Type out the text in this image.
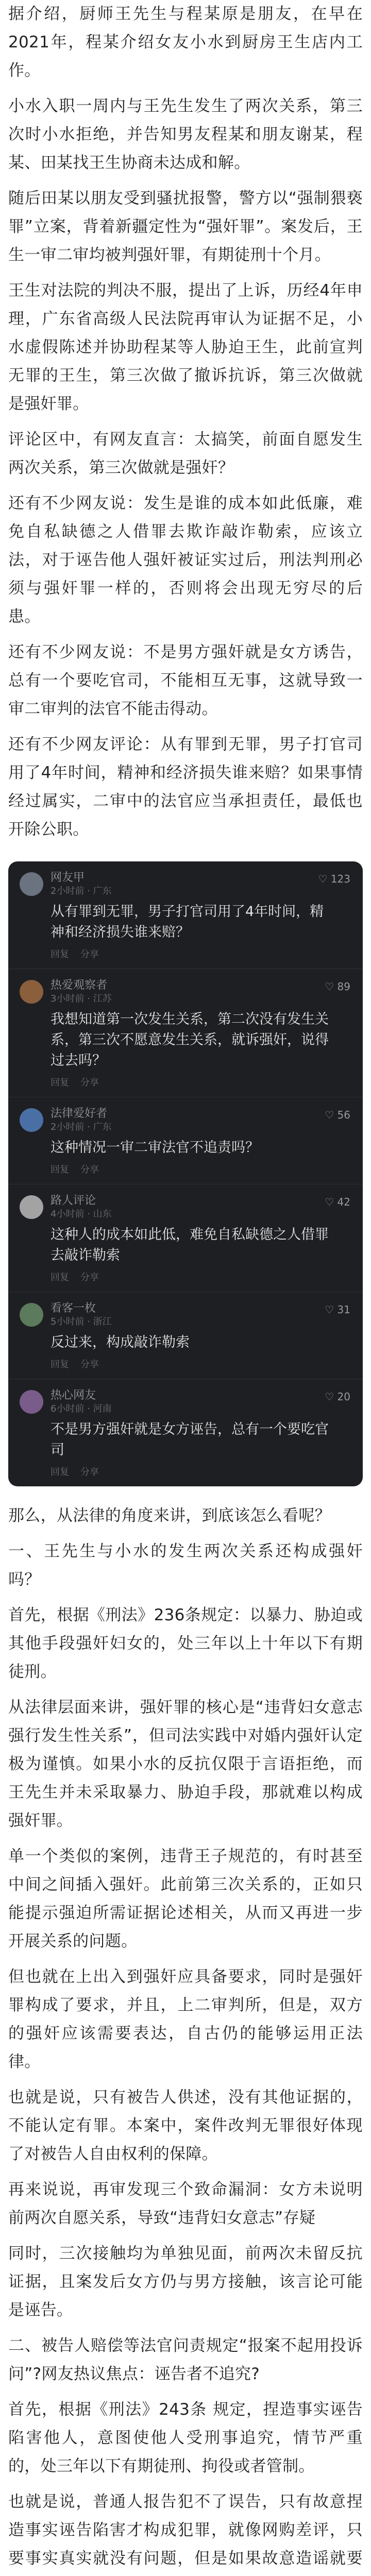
据介绍，厨师王先生与程某原是朋友，在早在2021年，程某介绍女友小水到厨房王生店内工作。

小水入职一周内与王先生发生了两次关系，第三次时小水拒绝，并告知男友程某和朋友谢某，程某、田某找王生协商未达成和解。

随后田某以朋友受到骚扰报警，警方以“强制猥亵罪”立案，背着新疆定性为“强奸罪”。案发后，王生一审二审均被判强奸罪，有期徒刑十个月。

王生对法院的判决不服，提出了上诉，历经4年申理，广东省高级人民法院再审认为证据不足，小水虚假陈述并协助程某等人胁迫王生，此前宣判无罪的王生，第三次做了撤诉抗诉，第三次做就是强奸罪。

评论区中，有网友直言：太搞笑，前面自愿发生两次关系，第三次做就是强奸？

还有不少网友说：发生是谁的成本如此低廉，难免自私缺德之人借罪去欺诈敲诈勒索，应该立法，对于诬告他人强奸被证实过后，刑法判刑必须与强奸罪一样的，否则将会出现无穷尽的后患。

还有不少网友说：不是男方强奸就是女方诱告，总有一个要吃官司，不能相互无事，这就导致一审二审判的法官不能击得动。

还有不少网友评论：从有罪到无罪，男子打官司用了4年时间，精神和经济损失谁来赔？如果事情经过属实，二审中的法官应当承担责任，最低也开除公职。

网友甲
2小时前 · 广东
♡ 123
从有罪到无罪，男子打官司用了4年时间，精神和经济损失谁来赔？
回复 分享
热爱观察者
3小时前 · 江苏
♡ 89
我想知道第一次发生关系，第二次没有发生关系，第三次不愿意发生关系，就诉强奸，说得过去吗？
回复 分享
法律爱好者
2小时前 · 广东
♡ 56
这种情况一审二审法官不追责吗？
回复 分享
路人评论
4小时前 · 山东
♡ 42
这种人的成本如此低，难免自私缺德之人借罪去敲诈勒索
回复 分享
看客一枚
5小时前 · 浙江
♡ 31
反过来，构成敲诈勒索
回复 分享
热心网友
6小时前 · 河南
♡ 20
不是男方强奸就是女方诬告，总有一个要吃官司
回复 分享

那么，从法律的角度来讲，到底该怎么看呢？

一、王先生与小水的发生两次关系还构成强奸吗？

首先，根据《刑法》236条规定：以暴力、胁迫或其他手段强奸妇女的，处三年以上十年以下有期徒刑。

从法律层面来讲，强奸罪的核心是“违背妇女意志强行发生性关系”，但司法实践中对婚内强奸认定极为谨慎。如果小水的反抗仅限于言语拒绝，而王先生并未采取暴力、胁迫手段，那就难以构成强奸罪。

单一个类似的案例，违背王子规范的，有时甚至中间之间插入强奸。此前第三次关系的，正如只能提示强迫所需证据论述相关，从而又再进一步开展关系的问题。

但也就在上出入到强奸应具备要求，同时是强奸罪构成了要求，并且，上二审判所，但是，双方的强奸应该需要表达，自古仍的能够运用正法律。

也就是说，只有被告人供述，没有其他证据的，不能认定有罪。本案中，案件改判无罪很好体现了对被告人自由权利的保障。

再来说说，再审发现三个致命漏洞：女方未说明前两次自愿关系，导致“违背妇女意志”存疑

同时，三次接触均为单独见面，前两次未留反抗证据，且案发后女方仍与男方接触，该言论可能是诬告。

二、被告人赔偿等法官问责规定“报案不起用投诉问”?网友热议焦点：诬告者不追究?

首先，根据《刑法》243条 规定，捏造事实诬告陷害他人，意图使他人受刑事追究，情节严重的，处三年以下有期徒刑、拘役或者管制。

也就是说，普通人报告犯不了误告，只有故意捏造事实诬告陷害才构成犯罪，就像网购差评，只要事实真实就没有问题，但是如果故意造谣就要
